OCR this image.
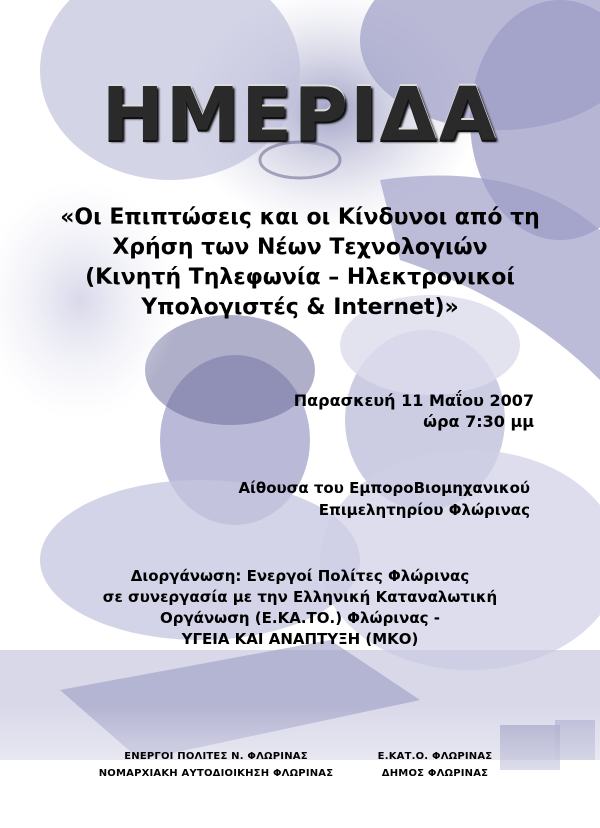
ΗΜΕΡΙΔΑ
«Οι Επιπτώσεις και οι Κίνδυνοι από τη
Χρήση των Νέων Τεχνολογιών
(Κινητή Τηλεφωνία – Ηλεκτρονικοί
Υπολογιστές & Internet)»
Παρασκευή 11 Μαΐου 2007
ώρα 7:30 μμ
Αίθουσα του ΕμποροΒιομηχανικού
Επιμελητηρίου Φλώρινας
Διοργάνωση: Ενεργοί Πολίτες Φλώρινας
σε συνεργασία με την Ελληνική Καταναλωτική
Οργάνωση (Ε.ΚΑ.ΤΟ.) Φλώρινας -
ΥΓΕΙΑ ΚΑΙ ΑΝΑΠΤΥΞΗ (ΜΚΟ)
ΕΝΕΡΓΟΙ ΠΟΛΙΤΕΣ Ν. ΦΛΩΡΙΝΑΣ
ΝΟΜΑΡΧΙΑΚΗ ΑΥΤΟΔΙΟΙΚΗΣΗ ΦΛΩΡΙΝΑΣ
Ε.ΚΑΤ.Ο. ΦΛΩΡΙΝΑΣ
ΔΗΜΟΣ ΦΛΩΡΙΝΑΣ
